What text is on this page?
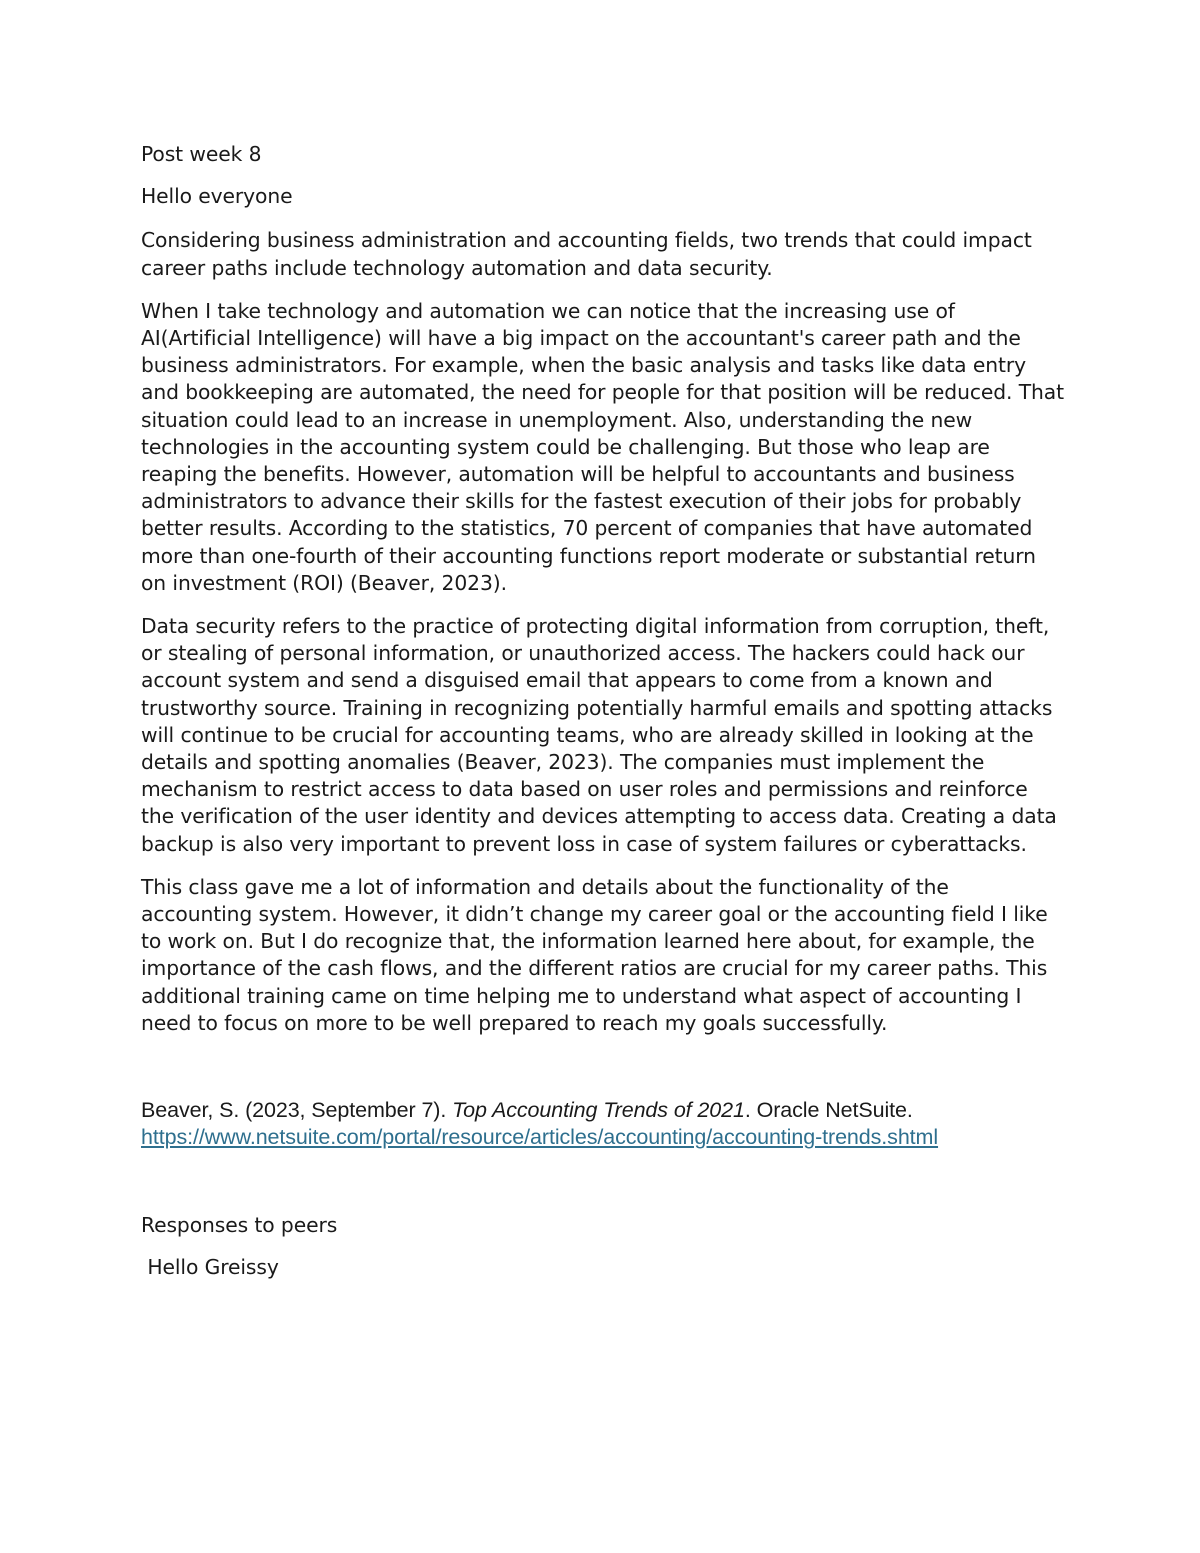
Post week 8

Hello everyone

Considering business administration and accounting fields, two trends that could impact career paths include technology automation and data security.

When I take technology and automation we can notice that the increasing use of AI(Artificial Intelligence) will have a big impact on the accountant's career path and the business administrators. For example, when the basic analysis and tasks like data entry and bookkeeping are automated, the need for people for that position will be reduced. That situation could lead to an increase in unemployment. Also, understanding the new technologies in the accounting system could be challenging. But those who leap are reaping the benefits. However, automation will be helpful to accountants and business administrators to advance their skills for the fastest execution of their jobs for probably better results. According to the statistics, 70 percent of companies that have automated more than one-fourth of their accounting functions report moderate or substantial return on investment (ROI) (Beaver, 2023).

Data security refers to the practice of protecting digital information from corruption, theft, or stealing of personal information, or unauthorized access. The hackers could hack our account system and send a disguised email that appears to come from a known and trustworthy source. Training in recognizing potentially harmful emails and spotting attacks will continue to be crucial for accounting teams, who are already skilled in looking at the details and spotting anomalies (Beaver, 2023). The companies must implement the mechanism to restrict access to data based on user roles and permissions and reinforce the verification of the user identity and devices attempting to access data. Creating a data backup is also very important to prevent loss in case of system failures or cyberattacks.

This class gave me a lot of information and details about the functionality of the accounting system. However, it didn’t change my career goal or the accounting field I like to work on. But I do recognize that, the information learned here about, for example, the importance of the cash flows, and the different ratios are crucial for my career paths. This additional training came on time helping me to understand what aspect of accounting I need to focus on more to be well prepared to reach my goals successfully.

Beaver, S. (2023, September 7). Top Accounting Trends of 2021. Oracle NetSuite.
https://www.netsuite.com/portal/resource/articles/accounting/accounting-trends.shtml

Responses to peers

Hello Greissy
